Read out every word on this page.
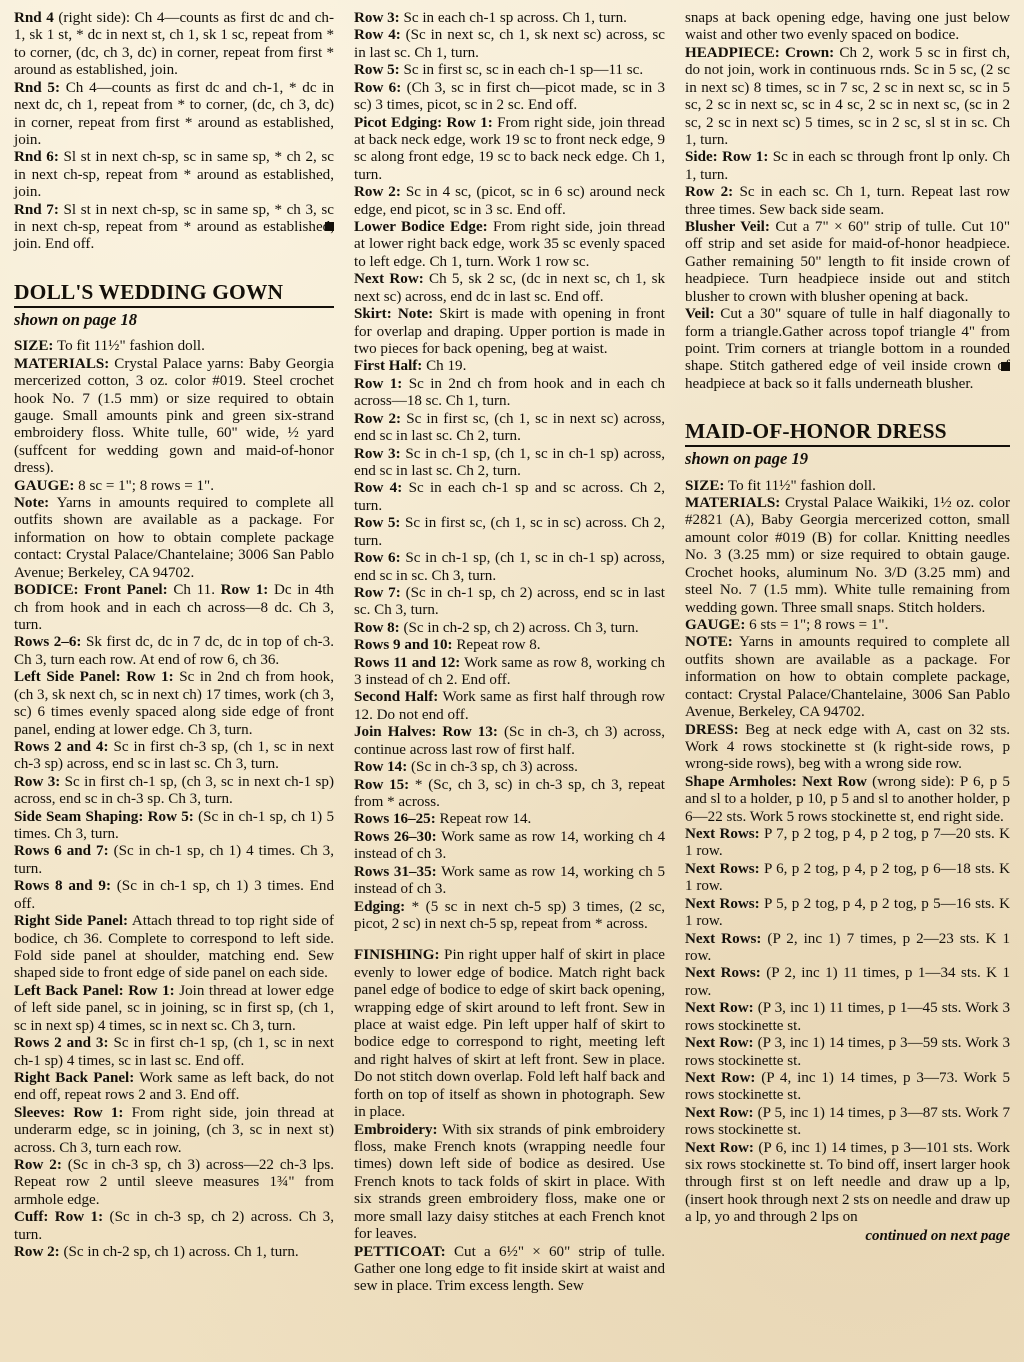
Rnd 4 (right side): Ch 4—counts as first dc and ch-1, sk 1 st, * dc in next st, ch 1, sk 1 sc, repeat from * to corner, (dc, ch 3, dc) in corner, repeat from first * around as established, join.

Rnd 5: Ch 4—counts as first dc and ch-1, * dc in next dc, ch 1, repeat from * to corner, (dc, ch 3, dc) in corner, repeat from first * around as established, join.

Rnd 6: Sl st in next ch-sp, sc in same sp, * ch 2, sc in next ch-sp, repeat from * around as established, join.

Rnd 7: Sl st in next ch-sp, sc in same sp, * ch 3, sc in next ch-sp, repeat from * around as established, join. End off.

DOLL'S WEDDING GOWN
shown on page 18

SIZE: To fit 11½" fashion doll.

MATERIALS: Crystal Palace yarns: Baby Georgia mercerized cotton, 3 oz. color #019. Steel crochet hook No. 7 (1.5 mm) or size required to obtain gauge. Small amounts pink and green six-strand embroidery floss. White tulle, 60" wide, ½ yard (suffcent for wedding gown and maid-of-honor dress).

GAUGE: 8 sc = 1"; 8 rows = 1".

Note: Yarns in amounts required to complete all outfits shown are available as a package. For information on how to obtain complete package contact: Crystal Palace/Chantelaine; 3006 San Pablo Avenue; Berkeley, CA 94702.

BODICE: Front Panel: Ch 11. Row 1: Dc in 4th ch from hook and in each ch across—8 dc. Ch 3, turn.

Rows 2–6: Sk first dc, dc in 7 dc, dc in top of ch-3. Ch 3, turn each row. At end of row 6, ch 36.

Left Side Panel: Row 1: Sc in 2nd ch from hook, (ch 3, sk next ch, sc in next ch) 17 times, work (ch 3, sc) 6 times evenly spaced along side edge of front panel, ending at lower edge. Ch 3, turn.

Rows 2 and 4: Sc in first ch-3 sp, (ch 1, sc in next ch-3 sp) across, end sc in last sc. Ch 3, turn.

Row 3: Sc in first ch-1 sp, (ch 3, sc in next ch-1 sp) across, end sc in ch-3 sp. Ch 3, turn.

Side Seam Shaping: Row 5: (Sc in ch-1 sp, ch 1) 5 times. Ch 3, turn.

Rows 6 and 7: (Sc in ch-1 sp, ch 1) 4 times. Ch 3, turn.

Rows 8 and 9: (Sc in ch-1 sp, ch 1) 3 times. End off.

Right Side Panel: Attach thread to top right side of bodice, ch 36. Complete to correspond to left side. Fold side panel at shoulder, matching end. Sew shaped side to front edge of side panel on each side.

Left Back Panel: Row 1: Join thread at lower edge of left side panel, sc in joining, sc in first sp, (ch 1, sc in next sp) 4 times, sc in next sc. Ch 3, turn.

Rows 2 and 3: Sc in first ch-1 sp, (ch 1, sc in next ch-1 sp) 4 times, sc in last sc. End off.

Right Back Panel: Work same as left back, do not end off, repeat rows 2 and 3. End off.

Sleeves: Row 1: From right side, join thread at underarm edge, sc in joining, (ch 3, sc in next st) across. Ch 3, turn each row.

Row 2: (Sc in ch-3 sp, ch 3) across—22 ch-3 lps. Repeat row 2 until sleeve measures 1¾" from armhole edge.

Cuff: Row 1: (Sc in ch-3 sp, ch 2) across. Ch 3, turn.

Row 2: (Sc in ch-2 sp, ch 1) across. Ch 1, turn.

Row 3: Sc in each ch-1 sp across. Ch 1, turn.

Row 4: (Sc in next sc, ch 1, sk next sc) across, sc in last sc. Ch 1, turn.

Row 5: Sc in first sc, sc in each ch-1 sp—11 sc.

Row 6: (Ch 3, sc in first ch—picot made, sc in 3 sc) 3 times, picot, sc in 2 sc. End off.

Picot Edging: Row 1: From right side, join thread at back neck edge, work 19 sc to front neck edge, 9 sc along front edge, 19 sc to back neck edge. Ch 1, turn.

Row 2: Sc in 4 sc, (picot, sc in 6 sc) around neck edge, end picot, sc in 3 sc. End off.

Lower Bodice Edge: From right side, join thread at lower right back edge, work 35 sc evenly spaced to left edge. Ch 1, turn. Work 1 row sc.

Next Row: Ch 5, sk 2 sc, (dc in next sc, ch 1, sk next sc) across, end dc in last sc. End off.

Skirt: Note: Skirt is made with opening in front for overlap and draping. Upper portion is made in two pieces for back opening, beg at waist.

First Half: Ch 19.

Row 1: Sc in 2nd ch from hook and in each ch across—18 sc. Ch 1, turn.

Row 2: Sc in first sc, (ch 1, sc in next sc) across, end sc in last sc. Ch 2, turn.

Row 3: Sc in ch-1 sp, (ch 1, sc in ch-1 sp) across, end sc in last sc. Ch 2, turn.

Row 4: Sc in each ch-1 sp and sc across. Ch 2, turn.

Row 5: Sc in first sc, (ch 1, sc in sc) across. Ch 2, turn.

Row 6: Sc in ch-1 sp, (ch 1, sc in ch-1 sp) across, end sc in sc. Ch 3, turn.

Row 7: (Sc in ch-1 sp, ch 2) across, end sc in last sc. Ch 3, turn.

Row 8: (Sc in ch-2 sp, ch 2) across. Ch 3, turn.

Rows 9 and 10: Repeat row 8.

Rows 11 and 12: Work same as row 8, working ch 3 instead of ch 2. End off.

Second Half: Work same as first half through row 12. Do not end off.

Join Halves: Row 13: (Sc in ch-3, ch 3) across, continue across last row of first half.

Row 14: (Sc in ch-3 sp, ch 3) across.

Row 15: * (Sc, ch 3, sc) in ch-3 sp, ch 3, repeat from * across.

Rows 16–25: Repeat row 14.

Rows 26–30: Work same as row 14, working ch 4 instead of ch 3.

Rows 31–35: Work same as row 14, working ch 5 instead of ch 3.

Edging: * (5 sc in next ch-5 sp) 3 times, (2 sc, picot, 2 sc) in next ch-5 sp, repeat from * across.

FINISHING: Pin right upper half of skirt in place evenly to lower edge of bodice. Match right back panel edge of bodice to edge of skirt back opening, wrapping edge of skirt around to left front. Sew in place at waist edge. Pin left upper half of skirt to bodice edge to correspond to right, meeting left and right halves of skirt at left front. Sew in place. Do not stitch down overlap. Fold left half back and forth on top of itself as shown in photograph. Sew in place.

Embroidery: With six strands of pink embroidery floss, make French knots (wrapping needle four times) down left side of bodice as desired. Use French knots to tack folds of skirt in place. With six strands green embroidery floss, make one or more small lazy daisy stitches at each French knot for leaves.

PETTICOAT: Cut a 6½" × 60" strip of tulle. Gather one long edge to fit inside skirt at waist and sew in place. Trim excess length. Sew

snaps at back opening edge, having one just below waist and other two evenly spaced on bodice.

HEADPIECE: Crown: Ch 2, work 5 sc in first ch, do not join, work in continuous rnds. Sc in 5 sc, (2 sc in next sc) 8 times, sc in 7 sc, 2 sc in next sc, sc in 5 sc, 2 sc in next sc, sc in 4 sc, 2 sc in next sc, (sc in 2 sc, 2 sc in next sc) 5 times, sc in 2 sc, sl st in sc. Ch 1, turn.

Side: Row 1: Sc in each sc through front lp only. Ch 1, turn.

Row 2: Sc in each sc. Ch 1, turn. Repeat last row three times. Sew back side seam.

Blusher Veil: Cut a 7" × 60" strip of tulle. Cut 10" off strip and set aside for maid-of-honor headpiece. Gather remaining 50" length to fit inside crown of headpiece. Turn headpiece inside out and stitch blusher to crown with blusher opening at back.

Veil: Cut a 30" square of tulle in half diagonally to form a triangle.Gather across topof triangle 4" from point. Trim corners at triangle bottom in a rounded shape. Stitch gathered edge of veil inside crown of headpiece at back so it falls underneath blusher.

MAID-OF-HONOR DRESS
shown on page 19

SIZE: To fit 11½" fashion doll.

MATERIALS: Crystal Palace Waikiki, 1½ oz. color #2821 (A), Baby Georgia mercerized cotton, small amount color #019 (B) for collar. Knitting needles No. 3 (3.25 mm) or size required to obtain gauge. Crochet hooks, aluminum No. 3/D (3.25 mm) and steel No. 7 (1.5 mm). White tulle remaining from wedding gown. Three small snaps. Stitch holders.

GAUGE: 6 sts = 1"; 8 rows = 1".

NOTE: Yarns in amounts required to complete all outfits shown are available as a package. For information on how to obtain complete package, contact: Crystal Palace/Chantelaine, 3006 San Pablo Avenue, Berkeley, CA 94702.

DRESS: Beg at neck edge with A, cast on 32 sts. Work 4 rows stockinette st (k right-side rows, p wrong-side rows), beg with a wrong side row.

Shape Armholes: Next Row (wrong side): P 6, p 5 and sl to a holder, p 10, p 5 and sl to another holder, p 6—22 sts. Work 5 rows stockinette st, end right side.

Next Rows: P 7, p 2 tog, p 4, p 2 tog, p 7—20 sts. K 1 row.

Next Rows: P 6, p 2 tog, p 4, p 2 tog, p 6—18 sts. K 1 row.

Next Rows: P 5, p 2 tog, p 4, p 2 tog, p 5—16 sts. K 1 row.

Next Rows: (P 2, inc 1) 7 times, p 2—23 sts. K 1 row.

Next Rows: (P 2, inc 1) 11 times, p 1—34 sts. K 1 row.

Next Row: (P 3, inc 1) 11 times, p 1—45 sts. Work 3 rows stockinette st.

Next Row: (P 3, inc 1) 14 times, p 3—59 sts. Work 3 rows stockinette st.

Next Row: (P 4, inc 1) 14 times, p 3—73. Work 5 rows stockinette st.

Next Row: (P 5, inc 1) 14 times, p 3—87 sts. Work 7 rows stockinette st.

Next Row: (P 6, inc 1) 14 times, p 3—101 sts. Work six rows stockinette st. To bind off, insert larger hook through first st on left needle and draw up a lp, (insert hook through next 2 sts on needle and draw up a lp, yo and through 2 lps on

continued on next page
